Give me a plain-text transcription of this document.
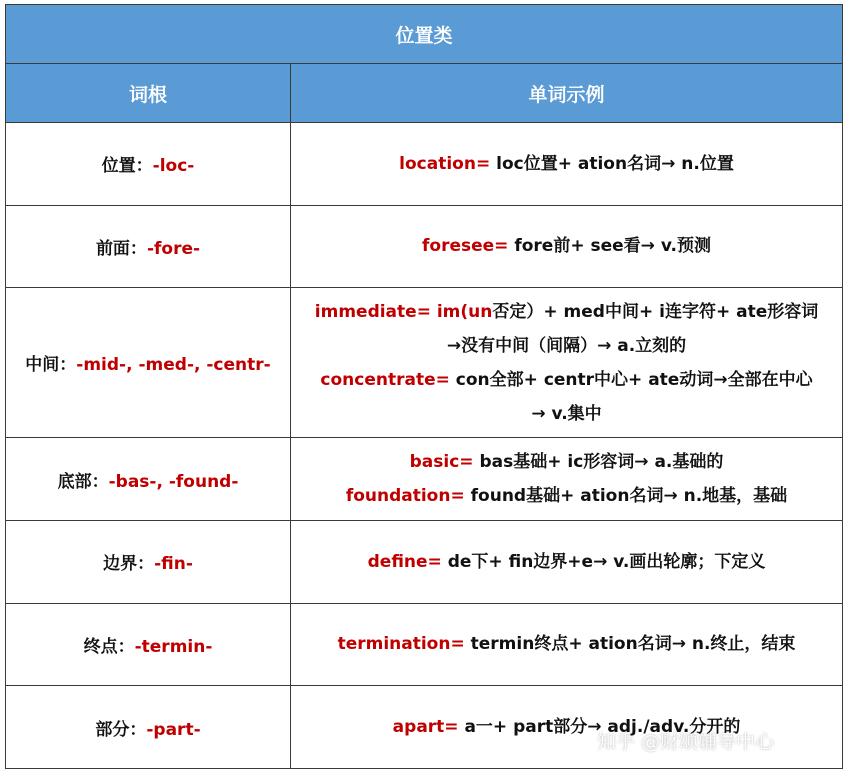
位置类	
词根	单词示例
位置：-loc-	location= loc位置+ ation名词→ n.位置

前面：-fore-	foresee= fore前+ see看→ v.预测

中间：-mid-, -med-, -centr-	immediate= im(un否定）+ med中间+ i连字符+ ate形容词
→没有中间（间隔）→ a.立刻的
concentrate= con全部+ centr中心+ ate动词→全部在中心
→ v.集中

底部：-bas-, -found-	basic= bas基础+ ic形容词→ a.基础的
foundation= found基础+ ation名词→ n.地基，基础

边界：-fin-	define= de下+ fin边界+e→ v.画出轮廓；下定义

终点：-termin-	termination= termin终点+ ation名词→ n.终止，结束

部分：-part-	apart= a一+ part部分→ adj./adv.分开的
知乎 @财颂辅导中心
